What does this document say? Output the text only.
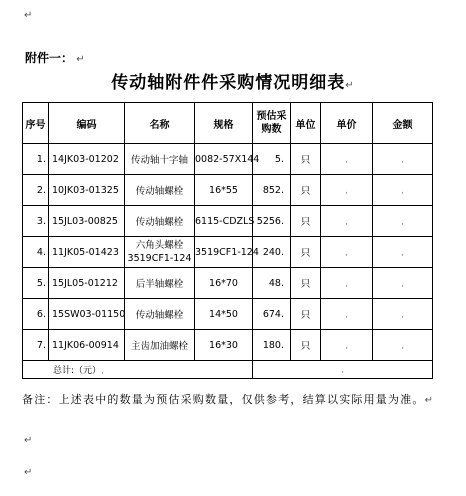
↵
附件一： ↵
传动轴附件件采购情况明细表↵
序号	编码	名称	规格	预估采购数	单位	单价	金额
1.	14JK03-01202	传动轴十字轴	0082-57X144	5.	只	,	,
2.	10JK03-01325	传动轴螺栓	16*55	852.	只	,	,
3.	15JL03-00825	传动轴螺栓	6115-CDZLS	5256.	只	,	,
4.	11JK05-01423	六角头螺栓3519CF1-124	3519CF1-124	240.	只	,	,
5.	15JL05-01212	后半轴螺栓	16*70	48.	只	,	,
6.	15SW03-01150	传动轴螺栓	14*50	674.	只	,	,
7.	11JK06-00914	主齿加油螺栓	16*30	180.	只	,	,
总计:（元）,				,			
备注：上述表中的数量为预估采购数量，仅供参考，结算以实际用量为准。↵
↵
↵
